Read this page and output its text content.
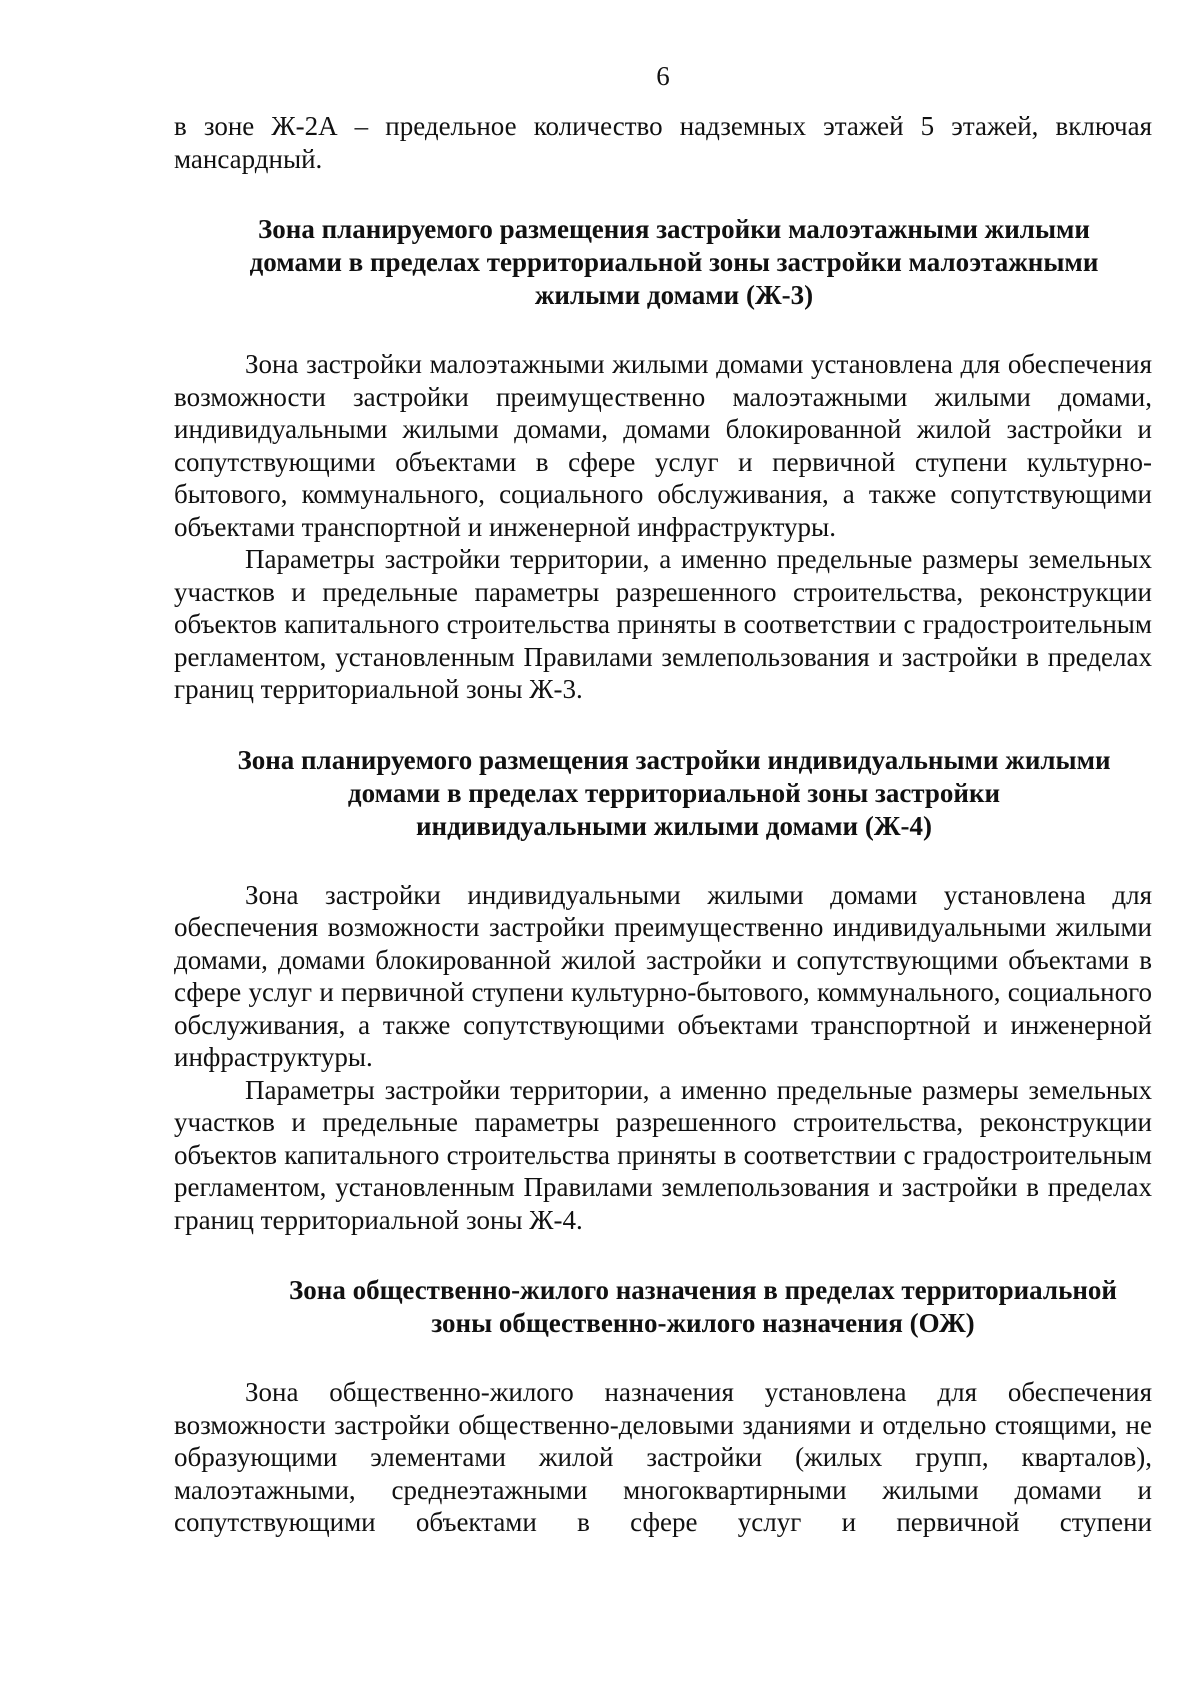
6

в зоне Ж-2А – предельное количество надземных этажей 5 этажей, включая мансардный.

Зона планируемого размещения застройки малоэтажными жилыми
домами в пределах территориальной зоны застройки малоэтажными
жилыми домами (Ж-3)

Зона застройки малоэтажными жилыми домами установлена для обеспечения возможности застройки преимущественно малоэтажными жилыми домами, индивидуальными жилыми домами, домами блокированной жилой застройки и сопутствующими объектами в сфере услуг и первичной ступени культурно-бытового, коммунального, социального обслуживания, а также сопутствующими объектами транспортной и инженерной инфраструктуры.

Параметры застройки территории, а именно предельные размеры земельных участков и предельные параметры разрешенного строительства, реконструкции объектов капитального строительства приняты в соответствии с градостроительным регламентом, установленным Правилами землепользования и застройки в пределах границ территориальной зоны Ж-3.

Зона планируемого размещения застройки индивидуальными жилыми
домами в пределах территориальной зоны застройки
индивидуальными жилыми домами (Ж-4)

Зона застройки индивидуальными жилыми домами установлена для обеспечения возможности застройки преимущественно индивидуальными жилыми домами, домами блокированной жилой застройки и сопутствующими объектами в сфере услуг и первичной ступени культурно-бытового, коммунального, социального обслуживания, а также сопутствующими объектами транспортной и инженерной инфраструктуры.

Параметры застройки территории, а именно предельные размеры земельных участков и предельные параметры разрешенного строительства, реконструкции объектов капитального строительства приняты в соответствии с градостроительным регламентом, установленным Правилами землепользования и застройки в пределах границ территориальной зоны Ж-4.

Зона общественно-жилого назначения в пределах территориальной
зоны общественно-жилого назначения (ОЖ)

Зона общественно-жилого назначения установлена для обеспечения возможности застройки общественно-деловыми зданиями и отдельно стоящими, не образующими элементами жилой застройки (жилых групп, кварталов), малоэтажными, среднеэтажными многоквартирными жилыми домами и сопутствующими объектами в сфере услуг и первичной ступени
